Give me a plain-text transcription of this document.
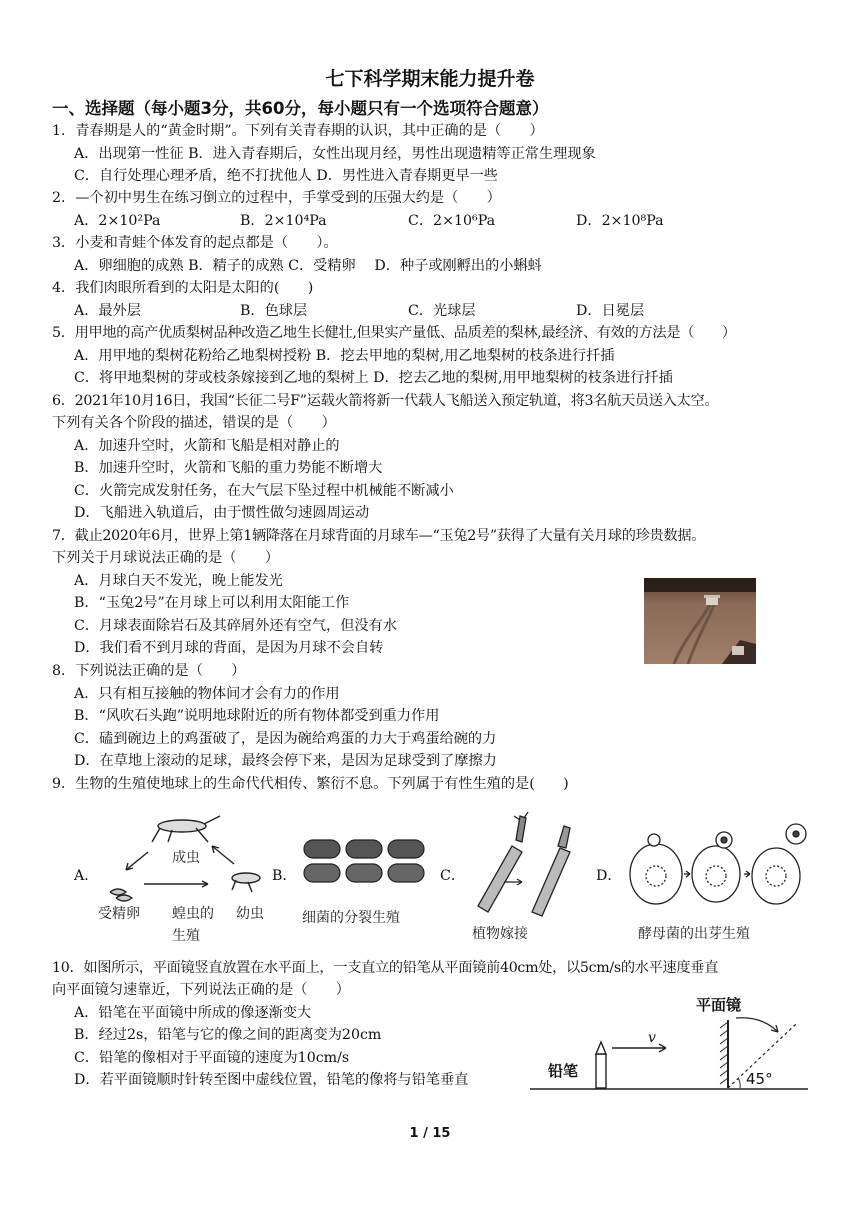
七下科学期末能力提升卷
一、选择题（每小题3分，共60分，每小题只有一个选项符合题意）
1．青春期是人的“黄金时期”。下列有关青春期的认识，其中正确的是（　　）
A．出现第一性征 B．进入青春期后，女性出现月经，男性出现遗精等正常生理现象
C．自行处理心理矛盾，绝不打扰他人 D．男性进入青春期更早一些
2．—个初中男生在练习倒立的过程中，手掌受到的压强大约是（　　）
A．2×10²Pa	B．2×10⁴Pa	C．2×10⁶Pa	D．2×10⁸Pa
3．小麦和青蛙个体发育的起点都是（　　）。
A．卵细胞的成熟 B．精子的成熟 C．受精卵　 D．种子或刚孵出的小蝌蚪
4．我们肉眼所看到的太阳是太阳的(　　)
A．最外层	B．色球层	C．光球层	D．日冕层
5．用甲地的高产优质梨树品种改造乙地生长健壮,但果实产量低、品质差的梨林,最经济、有效的方法是（　　）
A．用甲地的梨树花粉给乙地梨树授粉 B．挖去甲地的梨树,用乙地梨树的枝条进行扦插
C．将甲地梨树的芽或枝条嫁接到乙地的梨树上 D．挖去乙地的梨树,用甲地梨树的枝条进行扦插
6．2021年10月16日，我国“长征二号F”运载火箭将新一代载人飞船送入预定轨道，将3名航天员送入太空。
下列有关各个阶段的描述，错误的是（　　）
A．加速升空时，火箭和飞船是相对静止的
B．加速升空时，火箭和飞船的重力势能不断增大
C．火箭完成发射任务，在大气层下坠过程中机械能不断减小
D．飞船进入轨道后，由于惯性做匀速圆周运动
7．截止2020年6月，世界上第1辆降落在月球背面的月球车—“玉兔2号”获得了大量有关月球的珍贵数据。
下列关于月球说法正确的是（　　）
A．月球白天不发光，晚上能发光
B．“玉兔2号”在月球上可以利用太阳能工作
C．月球表面除岩石及其碎屑外还有空气，但没有水
D．我们看不到月球的背面，是因为月球不会自转
8．下列说法正确的是（　　）
A．只有相互接触的物体间才会有力的作用
B．“风吹石头跑”说明地球附近的所有物体都受到重力作用
C．磕到碗边上的鸡蛋破了，是因为碗给鸡蛋的力大于鸡蛋给碗的力
D．在草地上滚动的足球，最终会停下来，是因为足球受到了摩擦力
9．生物的生殖使地球上的生命代代相传、繁衍不息。下列属于有性生殖的是(　　)
A．	B．	C．	D．
成虫
受精卵 蝗虫的 幼虫
生殖
细菌的分裂生殖
植物嫁接	酵母菌的出芽生殖
10．如图所示，平面镜竖直放置在水平面上，一支直立的铅笔从平面镜前40cm处，以5cm/s的水平速度垂直
向平面镜匀速靠近，下列说法正确的是（　　）
A．铅笔在平面镜中所成的像逐渐变大
B．经过2s，铅笔与它的像之间的距离变为20cm
C．铅笔的像相对于平面镜的速度为10cm/s
D．若平面镜顺时针转至图中虚线位置，铅笔的像将与铅笔垂直
平面镜
铅笔
v
45°
1 / 15
